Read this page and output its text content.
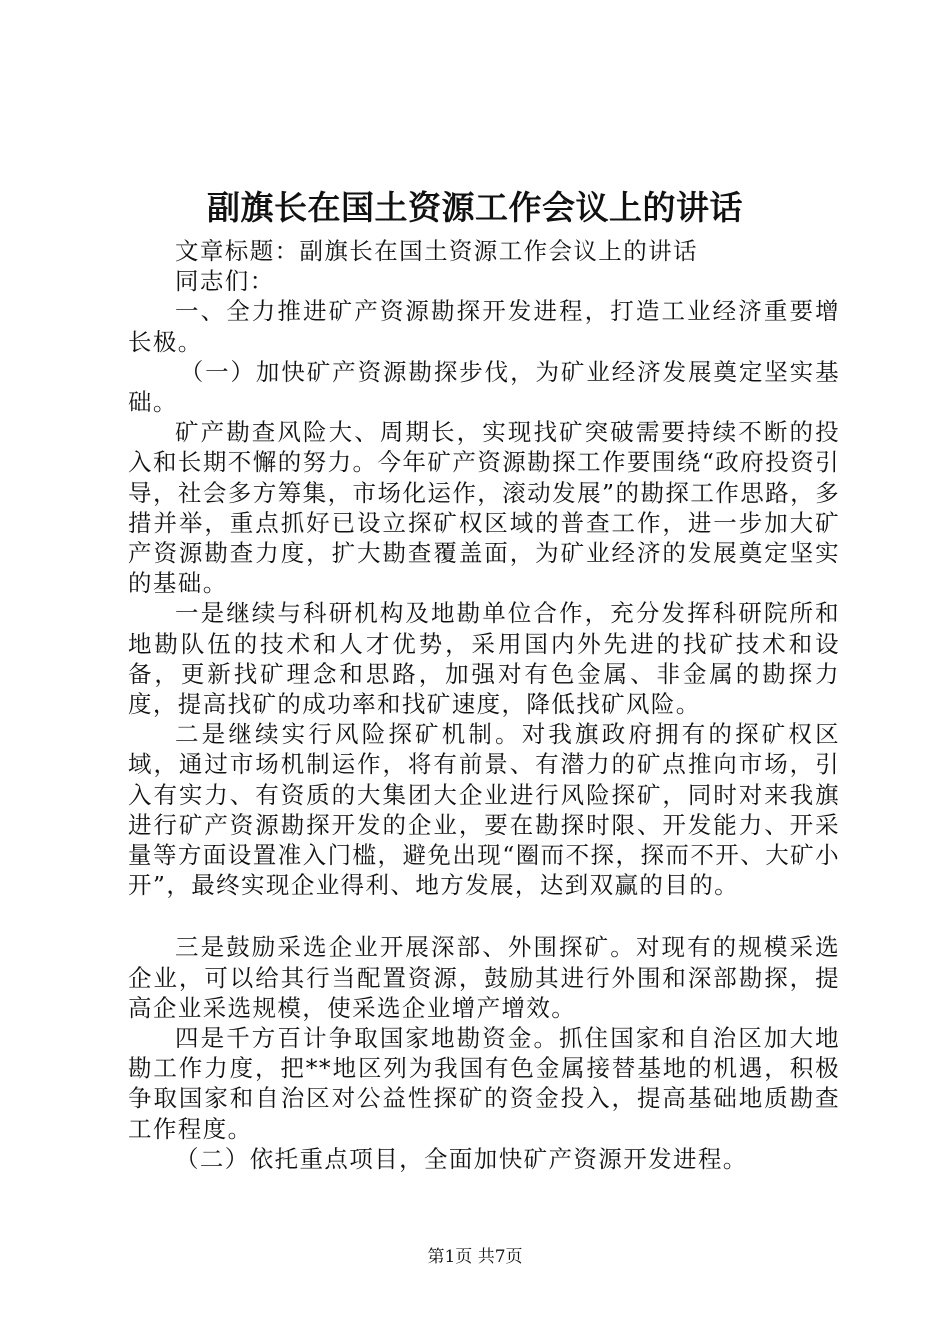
副旗长在国土资源工作会议上的讲话

文章标题：副旗长在国土资源工作会议上的讲话

同志们：

一、全力推进矿产资源勘探开发进程，打造工业经济重要增长极。

（一）加快矿产资源勘探步伐，为矿业经济发展奠定坚实基础。

矿产勘查风险大、周期长，实现找矿突破需要持续不断的投入和长期不懈的努力。今年矿产资源勘探工作要围绕“政府投资引导，社会多方筹集，市场化运作，滚动发展”的勘探工作思路，多措并举，重点抓好已设立探矿权区域的普查工作，进一步加大矿产资源勘查力度，扩大勘查覆盖面，为矿业经济的发展奠定坚实的基础。

一是继续与科研机构及地勘单位合作，充分发挥科研院所和地勘队伍的技术和人才优势，采用国内外先进的找矿技术和设备，更新找矿理念和思路，加强对有色金属、非金属的勘探力度，提高找矿的成功率和找矿速度，降低找矿风险。

二是继续实行风险探矿机制。对我旗政府拥有的探矿权区域，通过市场机制运作，将有前景、有潜力的矿点推向市场，引入有实力、有资质的大集团大企业进行风险探矿，同时对来我旗进行矿产资源勘探开发的企业，要在勘探时限、开发能力、开采量等方面设置准入门槛，避免出现“圈而不探，探而不开、大矿小开”，最终实现企业得利、地方发展，达到双赢的目的。

三是鼓励采选企业开展深部、外围探矿。对现有的规模采选企业，可以给其行当配置资源，鼓励其进行外围和深部勘探，提高企业采选规模，使采选企业增产增效。

四是千方百计争取国家地勘资金。抓住国家和自治区加大地勘工作力度，把**地区列为我国有色金属接替基地的机遇，积极争取国家和自治区对公益性探矿的资金投入，提高基础地质勘查工作程度。

（二）依托重点项目，全面加快矿产资源开发进程。

第1页 共7页
